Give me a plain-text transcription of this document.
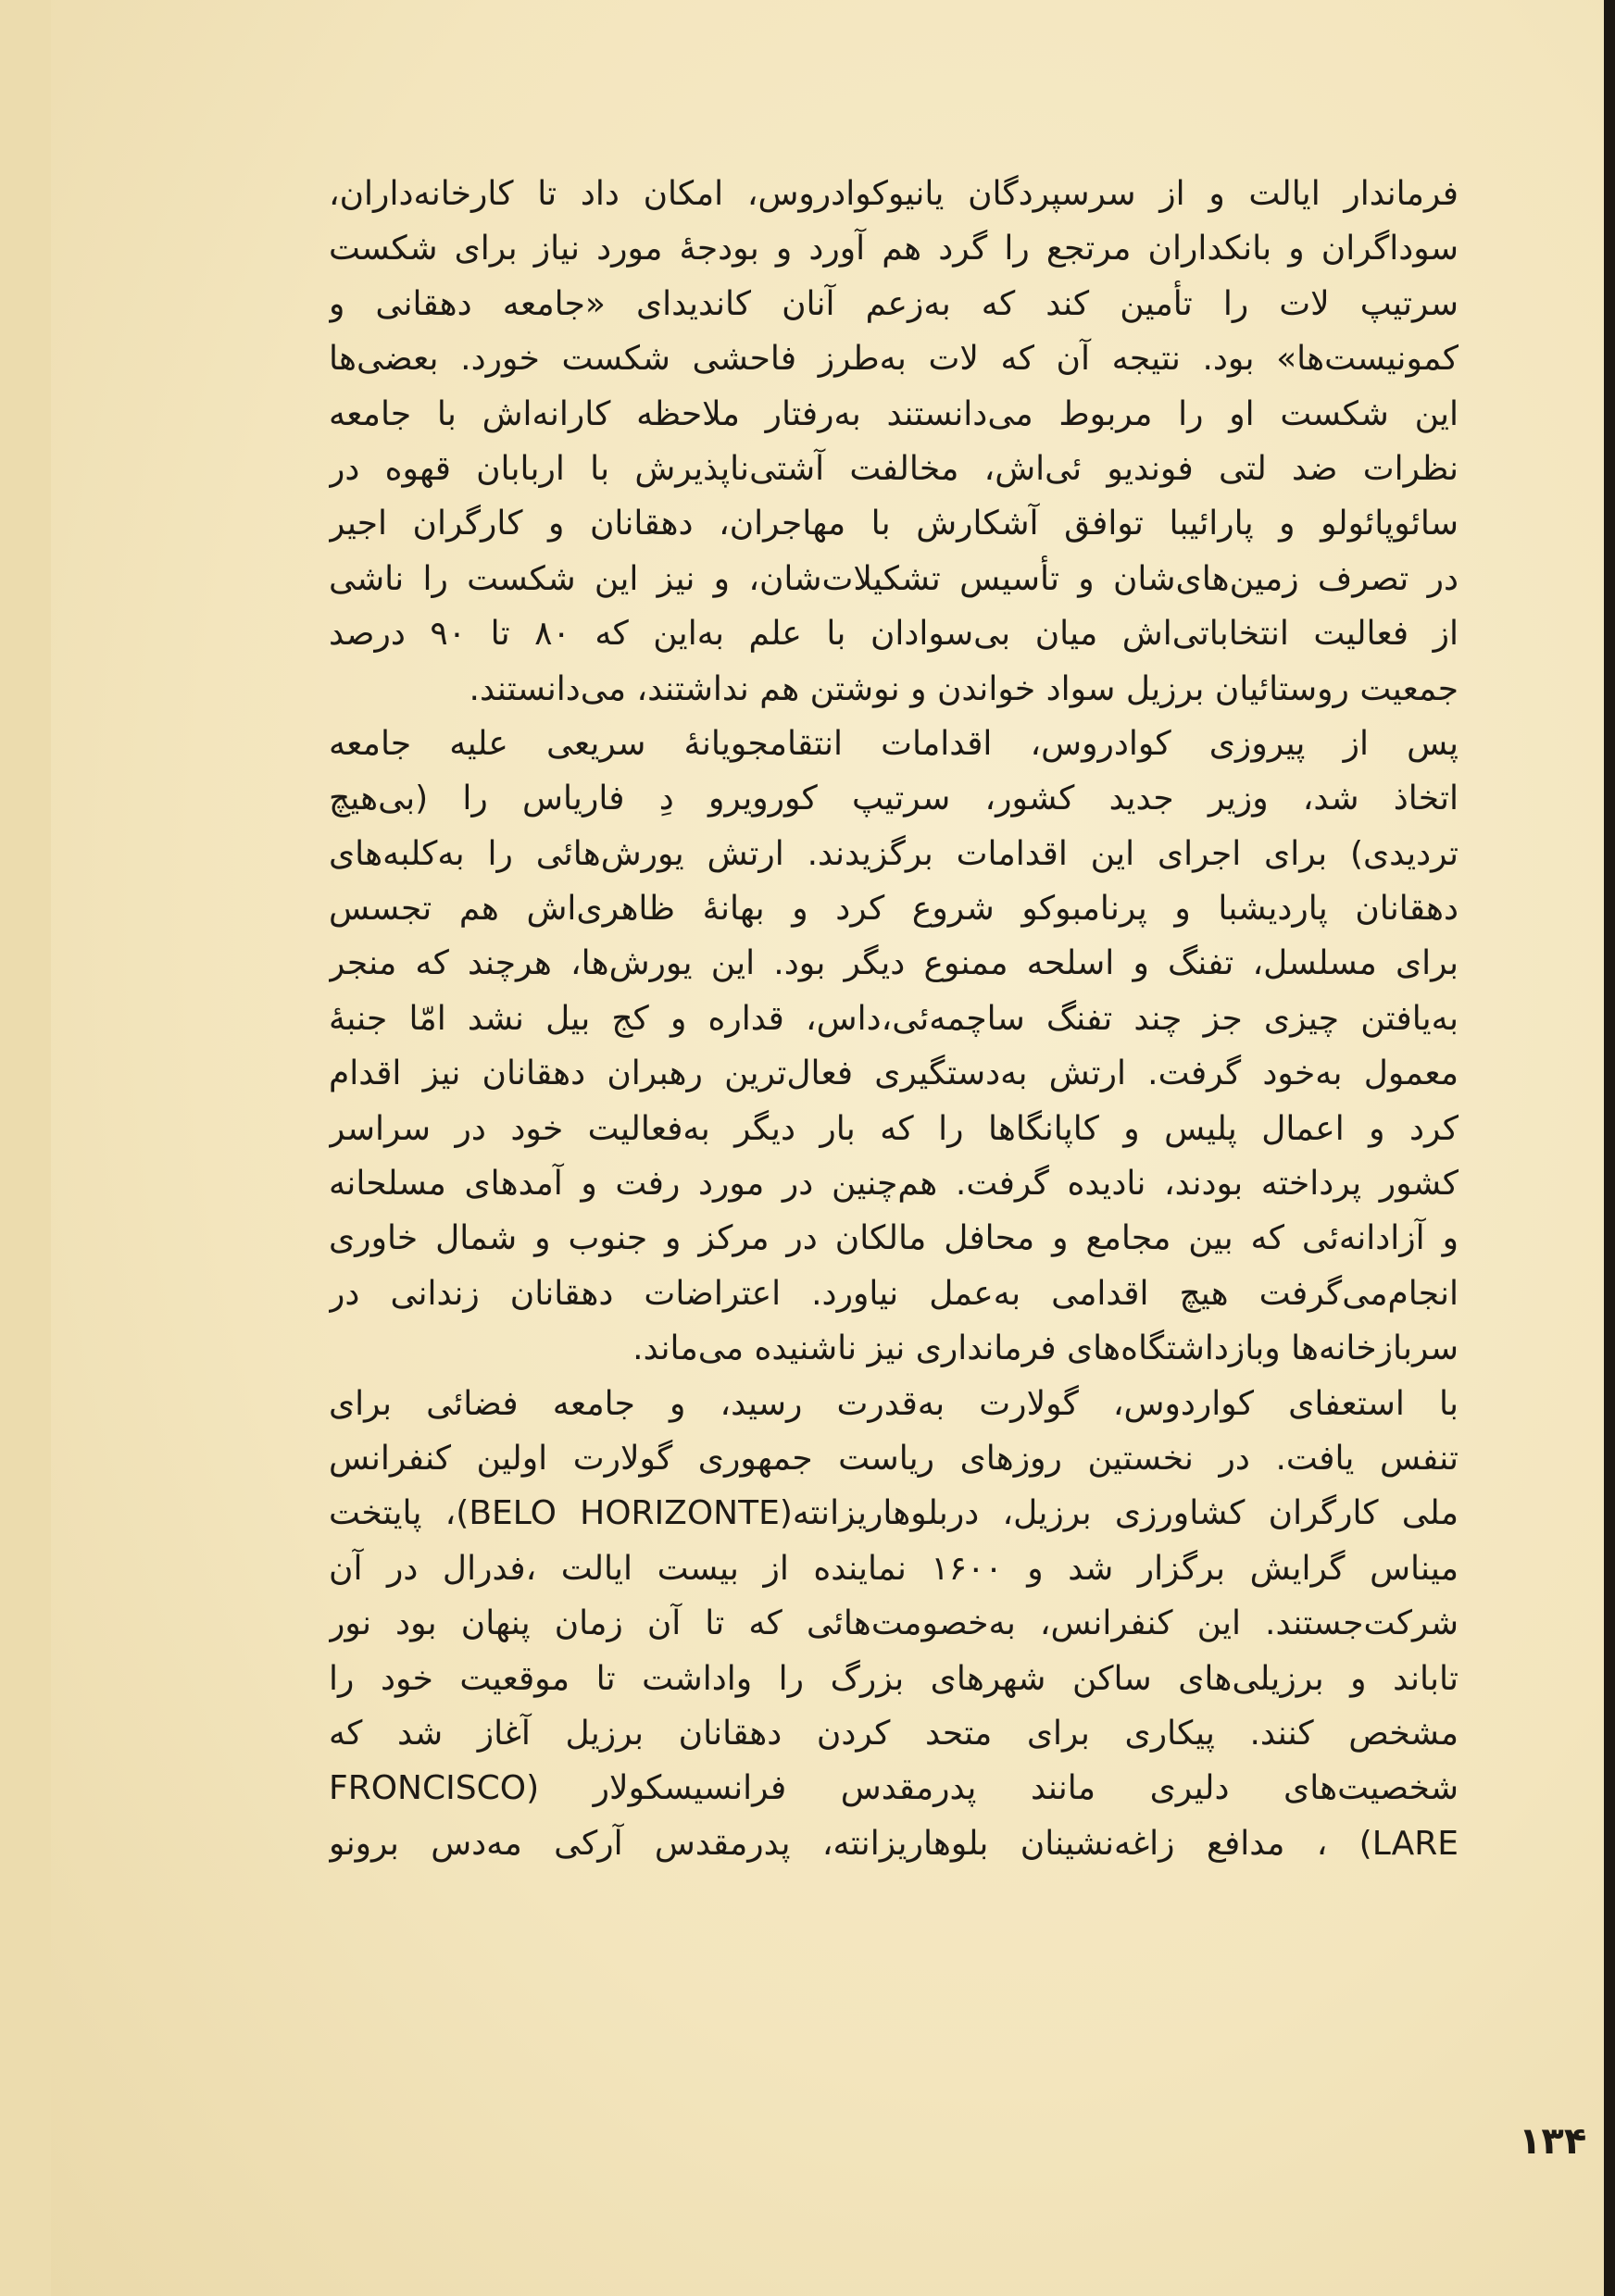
فرماندار ایالت و از سرسپردگان یانیوکوادروس، امکان داد تا کارخانه‌داران،
سوداگران و بانکداران مرتجع را گرد هم آورد و بودجهٔ مورد نیاز برای شکست
سرتیپ لات را تأمین کند که به‌زعم آنان کاندیدای «جامعه دهقانی و
کمونیست‌ها» بود. نتیجه آن که لات به‌طرز فاحشی شکست خورد. بعضی‌ها
این شکست او را مربوط می‌دانستند به‌رفتار ملاحظه کارانه‌اش با جامعه
نظرات ضد لتی فوندیو ئی‌اش، مخالفت آشتی‌ناپذیرش با اربابان قهوه در
سائوپائولو و پارائیبا توافق آشکارش با مهاجران، دهقانان و کارگران اجیر
در تصرف زمین‌های‌شان و تأسیس تشکیلات‌شان، و نیز این شکست را ناشی
از فعالیت انتخاباتی‌اش میان بی‌سوادان با علم به‌این که ۸۰ تا ۹۰ درصد
جمعیت روستائیان برزیل سواد خواندن و نوشتن هم نداشتند، می‌دانستند.
پس از پیروزی کوادروس، اقدامات انتقامجویانهٔ سریعی علیه جامعه
اتخاذ شد، وزیر جدید کشور، سرتیپ کورویرو دِ فاریاس را (بی‌هیچ
تردیدی) برای اجرای این اقدامات برگزیدند. ارتش یورش‌هائی را به‌کلبه‌های
دهقانان پاردیشبا و پرنامبوکو شروع کرد و بهانهٔ ظاهری‌اش هم تجسس
برای مسلسل، تفنگ و اسلحه ممنوع دیگر بود. این یورش‌ها، هرچند که منجر
به‌یافتن چیزی جز چند تفنگ ساچمه‌ئی،داس، قداره و کج بیل نشد امّا جنبهٔ
معمول به‌خود گرفت. ارتش به‌دستگیری فعال‌ترین رهبران دهقانان نیز اقدام
کرد و اعمال پلیس و کاپانگاها را که بار دیگر به‌فعالیت خود در سراسر
کشور پرداخته بودند، نادیده گرفت. هم‌چنین در مورد رفت و آمدهای مسلحانه
و آزادانه‌ئی که بین مجامع و محافل مالکان در مرکز و جنوب و شمال خاوری
انجام‌می‌گرفت هیچ اقدامی به‌عمل نیاورد. اعتراضات دهقانان زندانی در
سربازخانه‌ها وبازداشتگاه‌های فرمانداری نیز ناشنیده می‌ماند.
با استعفای کواردوس، گولارت به‌قدرت رسید، و جامعه فضائی برای
تنفس یافت. در نخستین روزهای ریاست جمهوری گولارت اولین کنفرانس
ملی کارگران کشاورزی برزیل، دربلوهاریزانته(BELO HORIZONTE)، پایتخت
میناس گرایش برگزار شد و ۱۶۰۰ نماینده از بیست ایالت ،فدرال در آن
شرکت‌جستند. این کنفرانس، به‌خصومت‌هائی که تا آن زمان پنهان بود نور
تاباند و برزیلی‌های ساکن شهرهای بزرگ را واداشت تا موقعیت خود را
مشخص کنند. پیکاری برای متحد کردن دهقانان برزیل آغاز شد که
شخصیت‌های دلیری مانند پدرمقدس فرانسیسکولار (FRONCISCO
LARE) ، مدافع زاغه‌نشینان بلوهاریزانته، پدرمقدس آرکی مه‌دس برونو
۱۳۴
